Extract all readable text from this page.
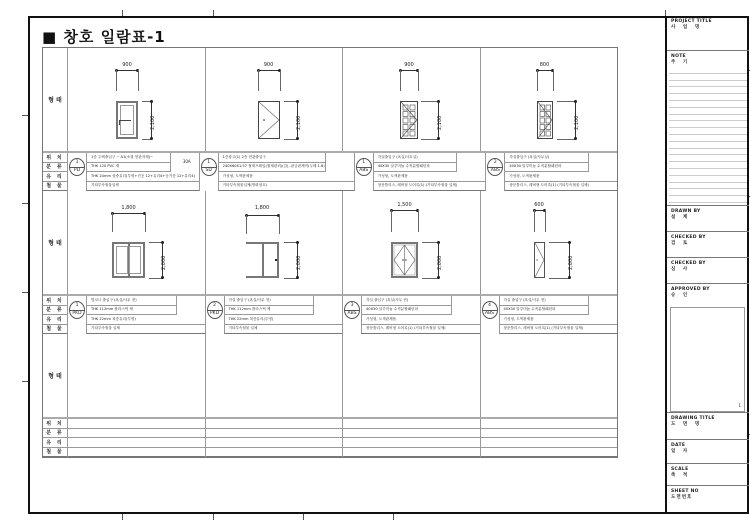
■ 창호 일람표-1
형 태
900
2,100
900
2,100
900
2,100
800
2,100
위 치
분 류
유 리
철 물
1
PD
1층 주택출입구 ~ A1(소형 현관자체)~
THK 120 PVC 제
THK 24mm 삼중유리(투명+진공 12+유리4+공기층 12+유리4)
기타부속철물일체
30A	1
SD
1층창고(1) 2층 현관출입구
240X60X1.57 철재프레임(철제판외)(갈), 판금판제작(두께 1.6)
가성형, 도색완제품
기타부속철물일체(방화창호)
1
ABS
각실출입구 (욕실/사무실)
40X30 알루미늄 수직분할패턴파
가성형, 도색완제품
창문틀리스, 레버형 도어록(1) (기타부속철물 일체)
2
ABS
각실출입구 (욕실/사무실)
40X30 알루미늄 수직분할패턴파
가성형, 도색완제품
창문틀리스, 레버형 도어록(1) (기타부속철물 일체)
형 태
1,800
2,000
1,800
2,000
1,500
2,000
600
2,000
위 치
분 류
유 리
철 물
1
PKD
발코니 출입구 (욕실/사무 현)
THK 112mm 플라스틱 제
THK 22mm 복층유리(투명)
기타부속철물 일체
2
PKD
각실 출입구 (욕실/사무 현)
THK 112mm 플라스틱 제
THK 22mm 복층유리(투명)
기타부속철물 일체
3
ABS
각실 출입구 (욕실/사무 현)
40X30 알루미늄 수직분할패턴파
가성형, 도색완제품
창문틀리스, 레버형 도어록(1) (기타부속철물 일체)
4
ABS
각실 출입구 (욕실/사무 현)
40X30 알루미늄 수직분할패턴파
가성형, 도색완제품
창문틀리스, 레버형 도어록(1) (기타부속철물 일체)
형 태
위 치
분 류
유 리
철 물
PROJECT TITLE
사 업 명
NOTE
주 기
DRAWN BY
설 계
CHECKED BY
검 토
CHECKED BY
심 사
APPROVED BY
승 인
1
DRAWING TITLE
도 면 명
DATE
일 자
SCALE
축 척
SHEET NO
도면번호
